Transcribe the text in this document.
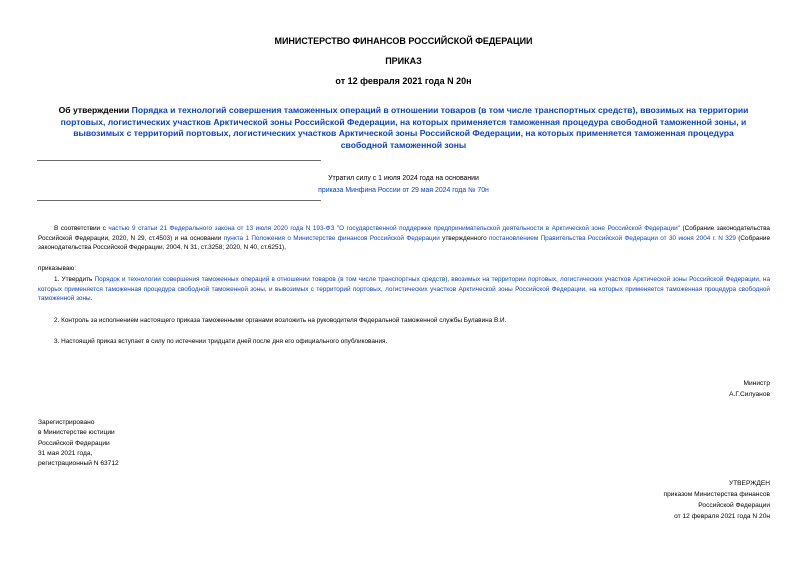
МИНИСТЕРСТВО ФИНАНСОВ РОССИЙСКОЙ ФЕДЕРАЦИИ
ПРИКАЗ
от 12 февраля 2021 года N 20н
Об утверждении Порядка и технологий совершения таможенных операций в отношении товаров (в том числе транспортных средств), ввозимых на территории портовых, логистических участков Арктической зоны Российской Федерации, на которых применяется таможенная процедура свободной таможенной зоны, и вывозимых с территорий портовых, логистических участков Арктической зоны Российской Федерации, на которых применяется таможенная процедура свободной таможенной зоны
Утратил силу с 1 июля 2024 года на основании
приказа Минфина России от 29 мая 2024 года № 70н
В соответствии с частью 9 статьи 21 Федерального закона от 13 июля 2020 года N 193-ФЗ "О государственной поддержке предпринимательской деятельности в Арктической зоне Российской Федерации" (Собрание законодательства Российской Федерации, 2020, N 29, ст.4503) и на основании пункта 1 Положения о Министерстве финансов Российской Федерации утвержденного постановлением Правительства Российской Федерации от 30 июня 2004 г. N 329 (Собрание законодательства Российской Федерации, 2004, N 31, ст.3258; 2020, N 40, ст.6251),
приказываю:
1. Утвердить Порядок и технологии совершения таможенных операций в отношении товаров (в том числе транспортных средств), ввозимых на территории портовых, логистических участков Арктической зоны Российской Федерации, на которых применяется таможенная процедура свободной таможенной зоны, и вывозимых с территорий портовых, логистических участков Арктической зоны Российской Федерации, на которых применяется таможенная процедура свободной таможенной зоны.
2. Контроль за исполнением настоящего приказа таможенными органами возложить на руководителя Федеральной таможенной службы Булавина В.И.
3. Настоящий приказ вступает в силу по истечении тридцати дней после дня его официального опубликования.
Министр
А.Г.Силуанов
Зарегистрировано
в Министерстве юстиции
Российской Федерации
31 мая 2021 года,
регистрационный N 63712
УТВЕРЖДЕН
приказом Министерства финансов
Российской Федерации
от 12 февраля 2021 года N 20н
